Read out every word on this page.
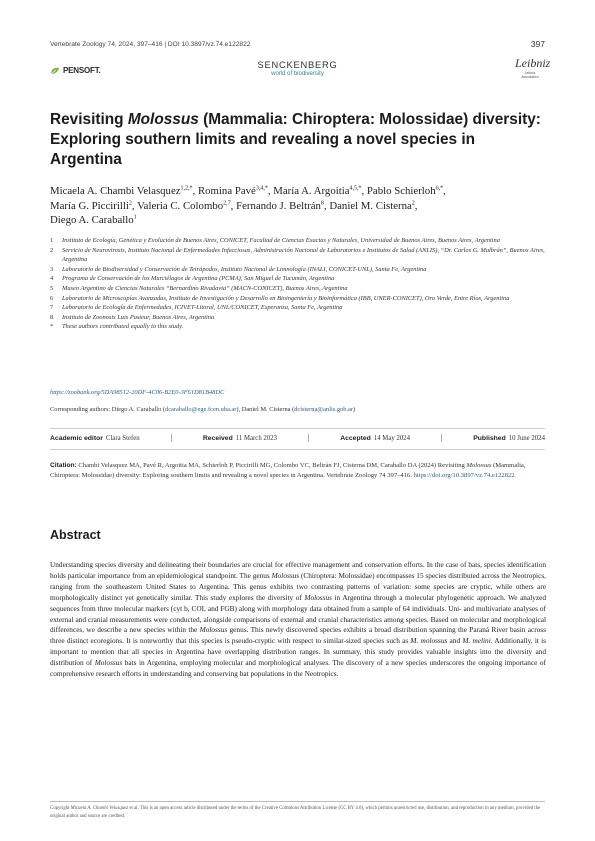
Vertebrate Zoology 74, 2024, 397–416 | DOI 10.3897/vz.74.e122822	397
PENSOFT.
SENCKENBERG
world of biodiversity
Leibniz
Leibniz
Association
Revisiting Molossus (Mammalia: Chiroptera: Molossidae) diversity: Exploring southern limits and revealing a novel species in Argentina
Micaela A. Chambi Velasquez$^{1,2,*}$, Romina Pavé$^{3,4,*}$, María A. Argoitia$^{4,5,*}$, Pablo Schierloh$^{6,*}$,
María G. Piccirilli$^2$, Valeria C. Colombo$^{2,7}$, Fernando J. Beltrán$^8$, Daniel M. Cisterna$^2$,
Diego A. Caraballo$^1$
1	Instituto de Ecología, Genética y Evolución de Buenos Aires, CONICET, Facultad de Ciencias Exactas y Naturales, Universidad de Buenos Aires, Buenos Aires, Argentina
2	Servicio de Neurovirosis, Instituto Nacional de Enfermedades Infecciosas, Administración Nacional de Laboratorios e Institutos de Salud (ANLIS), “Dr. Carlos G. Malbrán”, Buenos Aires, Argentina
3	Laboratorio de Biodiversidad y Conservación de Tetrápodos, Instituto Nacional de Limnología (INALI, CONICET-UNL), Santa Fe, Argentina
4	Programa de Conservación de los Murciélagos de Argentina (PCMA), San Miguel de Tucumán, Argentina
5	Museo Argentino de Ciencias Naturales “Bernardino Rivadavia” (MACN-CONICET), Buenos Aires, Argentina
6	Laboratorio de Microscopías Avanzadas, Instituto de Investigación y Desarrollo en Bioingeniería y Bioinformática (IBB, UNER-CONICET), Oro Verde, Entre Ríos, Argentina
7	Laboratorio de Ecología de Enfermedades, ICIVET-Litoral, UNL/CONICET, Esperanza, Santa Fe, Argentina
8	Instituto de Zoonosis Luis Pasteur, Buenos Aires, Argentina
*	These authors contributed equally to this study.
https://zoobank.org/5DA98512-20DF-4C06-B2E0-3F61D81B48DC
Corresponding authors: Diego A. Caraballo (dcaraballo@ege.fcen.uba.ar), Daniel M. Cisterna (dcisterna@anlis.gob.ar)
Academic editor Clara Stefen	Received 11 March 2023	Accepted 14 May 2024	Published 10 June 2024
Citation: Chambi Velasquez MA, Pavé R, Argoitia MA, Schierloh P, Piccirilli MG, Colombo VC, Beltrán FJ, Cisterna DM, Caraballo DA (2024) Revisiting Molossus (Mammalia, Chiroptera: Molossidae) diversity: Exploring southern limits and revealing a novel species in Argentina. Vertebrate Zoology 74 397–416. https://doi.org/10.3897/vz.74.e122822
Abstract

Understanding species diversity and delineating their boundaries are crucial for effective management and conservation efforts. In the case of bats, species identification holds particular importance from an epidemiological standpoint. The genus Molossus (Chiroptera: Molossidae) encompasses 15 species distributed across the Neotropics, ranging from the southeastern United States to Argentina. This genus exhibits two contrasting patterns of variation: some species are cryptic, while others are morphologically distinct yet genetically similar. This study explores the diversity of Molossus in Argentina through a molecular phylogenetic approach. We analyzed sequences from three molecular markers (cyt b, COI, and FGB) along with morphology data obtained from a sample of 64 individuals. Uni- and multivariate analyses of external and cranial measurements were conducted, alongside comparisons of external and cranial characteristics among species. Based on molecular and morphological differences, we describe a new species within the Molossus genus. This newly discovered species exhibits a broad distribution spanning the Paraná River basin across three distinct ecoregions. It is noteworthy that this species is pseudo-cryptic with respect to similar-sized species such as M. molossus and M. melini. Additionally, it is important to mention that all species in Argentina have overlapping distribution ranges. In summary, this study provides valuable insights into the diversity and distribution of Molossus bats in Argentina, employing molecular and morphological analyses. The discovery of a new species underscores the ongoing importance of comprehensive research efforts in understanding and conserving bat populations in the Neotropics.

Copyright Micaela A. Chambi Velasquez et al. This is an open access article distributed under the terms of the Creative Commons Attribution License (CC BY 4.0), which permits unrestricted use, distribution, and reproduction in any medium, provided the original author and source are credited.
